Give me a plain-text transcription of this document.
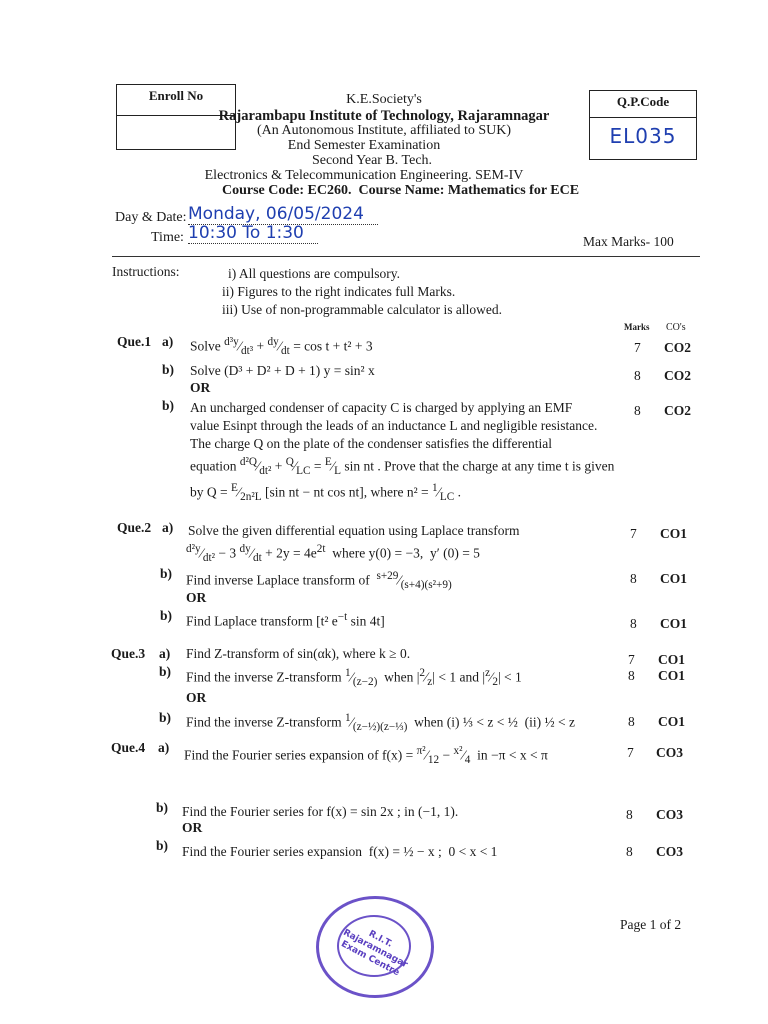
Enroll No	Q.P.Code
EL035
K.E.Society's
Rajarambapu Institute of Technology, Rajaramnagar
(An Autonomous Institute, affiliated to SUK)
End Semester Examination
Second Year B. Tech.
Electronics & Telecommunication Engineering. SEM-IV
Course Code: EC260. Course Name: Mathematics for ECE
Day & Date: Monday, 06/05/2024
Time: 10:30 To 1:30	Max Marks- 100
Instructions:	i) All questions are compulsory.
ii) Figures to the right indicates full Marks.
iii) Use of non-programmable calculator is allowed.
Marks CO's
Que.1 a) Solve $^{d^3y}⁄_{dt^3}$ + $^{dy}⁄_{dt} = \cos t + t^2 + 3$	7 CO2
b) Solve (D³ + D² + D + 1) y = sin² x	8 CO2
OR
b) An uncharged condenser of capacity C is charged by applying an EMF
value Esinpt through the leads of an inductance L and negligible resistance.
The charge Q on the plate of the condenser satisfies the differential
equation $^{d^2Q}⁄_{dt^2}$ + $^Q⁄_{LC}$ = $^E⁄_L$ sin nt . Prove that the charge at any time t is given
by $Q = ^E⁄_{2n^2L}$ [sin nt − nt cos nt], where $n^2 = ^1⁄_{LC}$ .
8 CO2
Que.2 a) Solve the given differential equation using Laplace transform
$^{d^2y}⁄_{dt^2} - 3$ $^{dy}⁄_{dt} + 2y = 4e^{2t}$  where y(0) = −3,  y′ (0) = 5
7 CO1
b) Find inverse Laplace transform of $^{s+29}⁄_{(s+4)(s^2+9)}$	8 CO1
OR
b) Find Laplace transform [t² $e^{-t}$ sin 4t]	8 CO1
Que.3 a) Find Z-transform of sin(αk), where k ≥ 0.	7 CO1
b) Find the inverse Z-transform $^1⁄_{(z-2)}$  when $|^2⁄_z| < 1$ and $|^z⁄_2| < 1$	8 CO1
OR
b) Find the inverse Z-transform $^1⁄_{(z-\frac{1}{2})(z-\frac{1}{3})}$  when (i) ⅓ < z < ½  (ii) ½ < z	8 CO1
Que.4 a) Find the Fourier series expansion of $f(x) = ^{\pi^2}⁄_{12}$ − $^{x^2}⁄_4$  in −π < x < π	7 CO3
b) Find the Fourier series for f(x) = sin 2x ; in (−1, 1).	8 CO3
OR
b) Find the Fourier series expansion  f(x) = ½ − x ;  0 < x < 1	8 CO3
R.I.T. Rajaramnagar Exam Centre
Page 1 of 2
